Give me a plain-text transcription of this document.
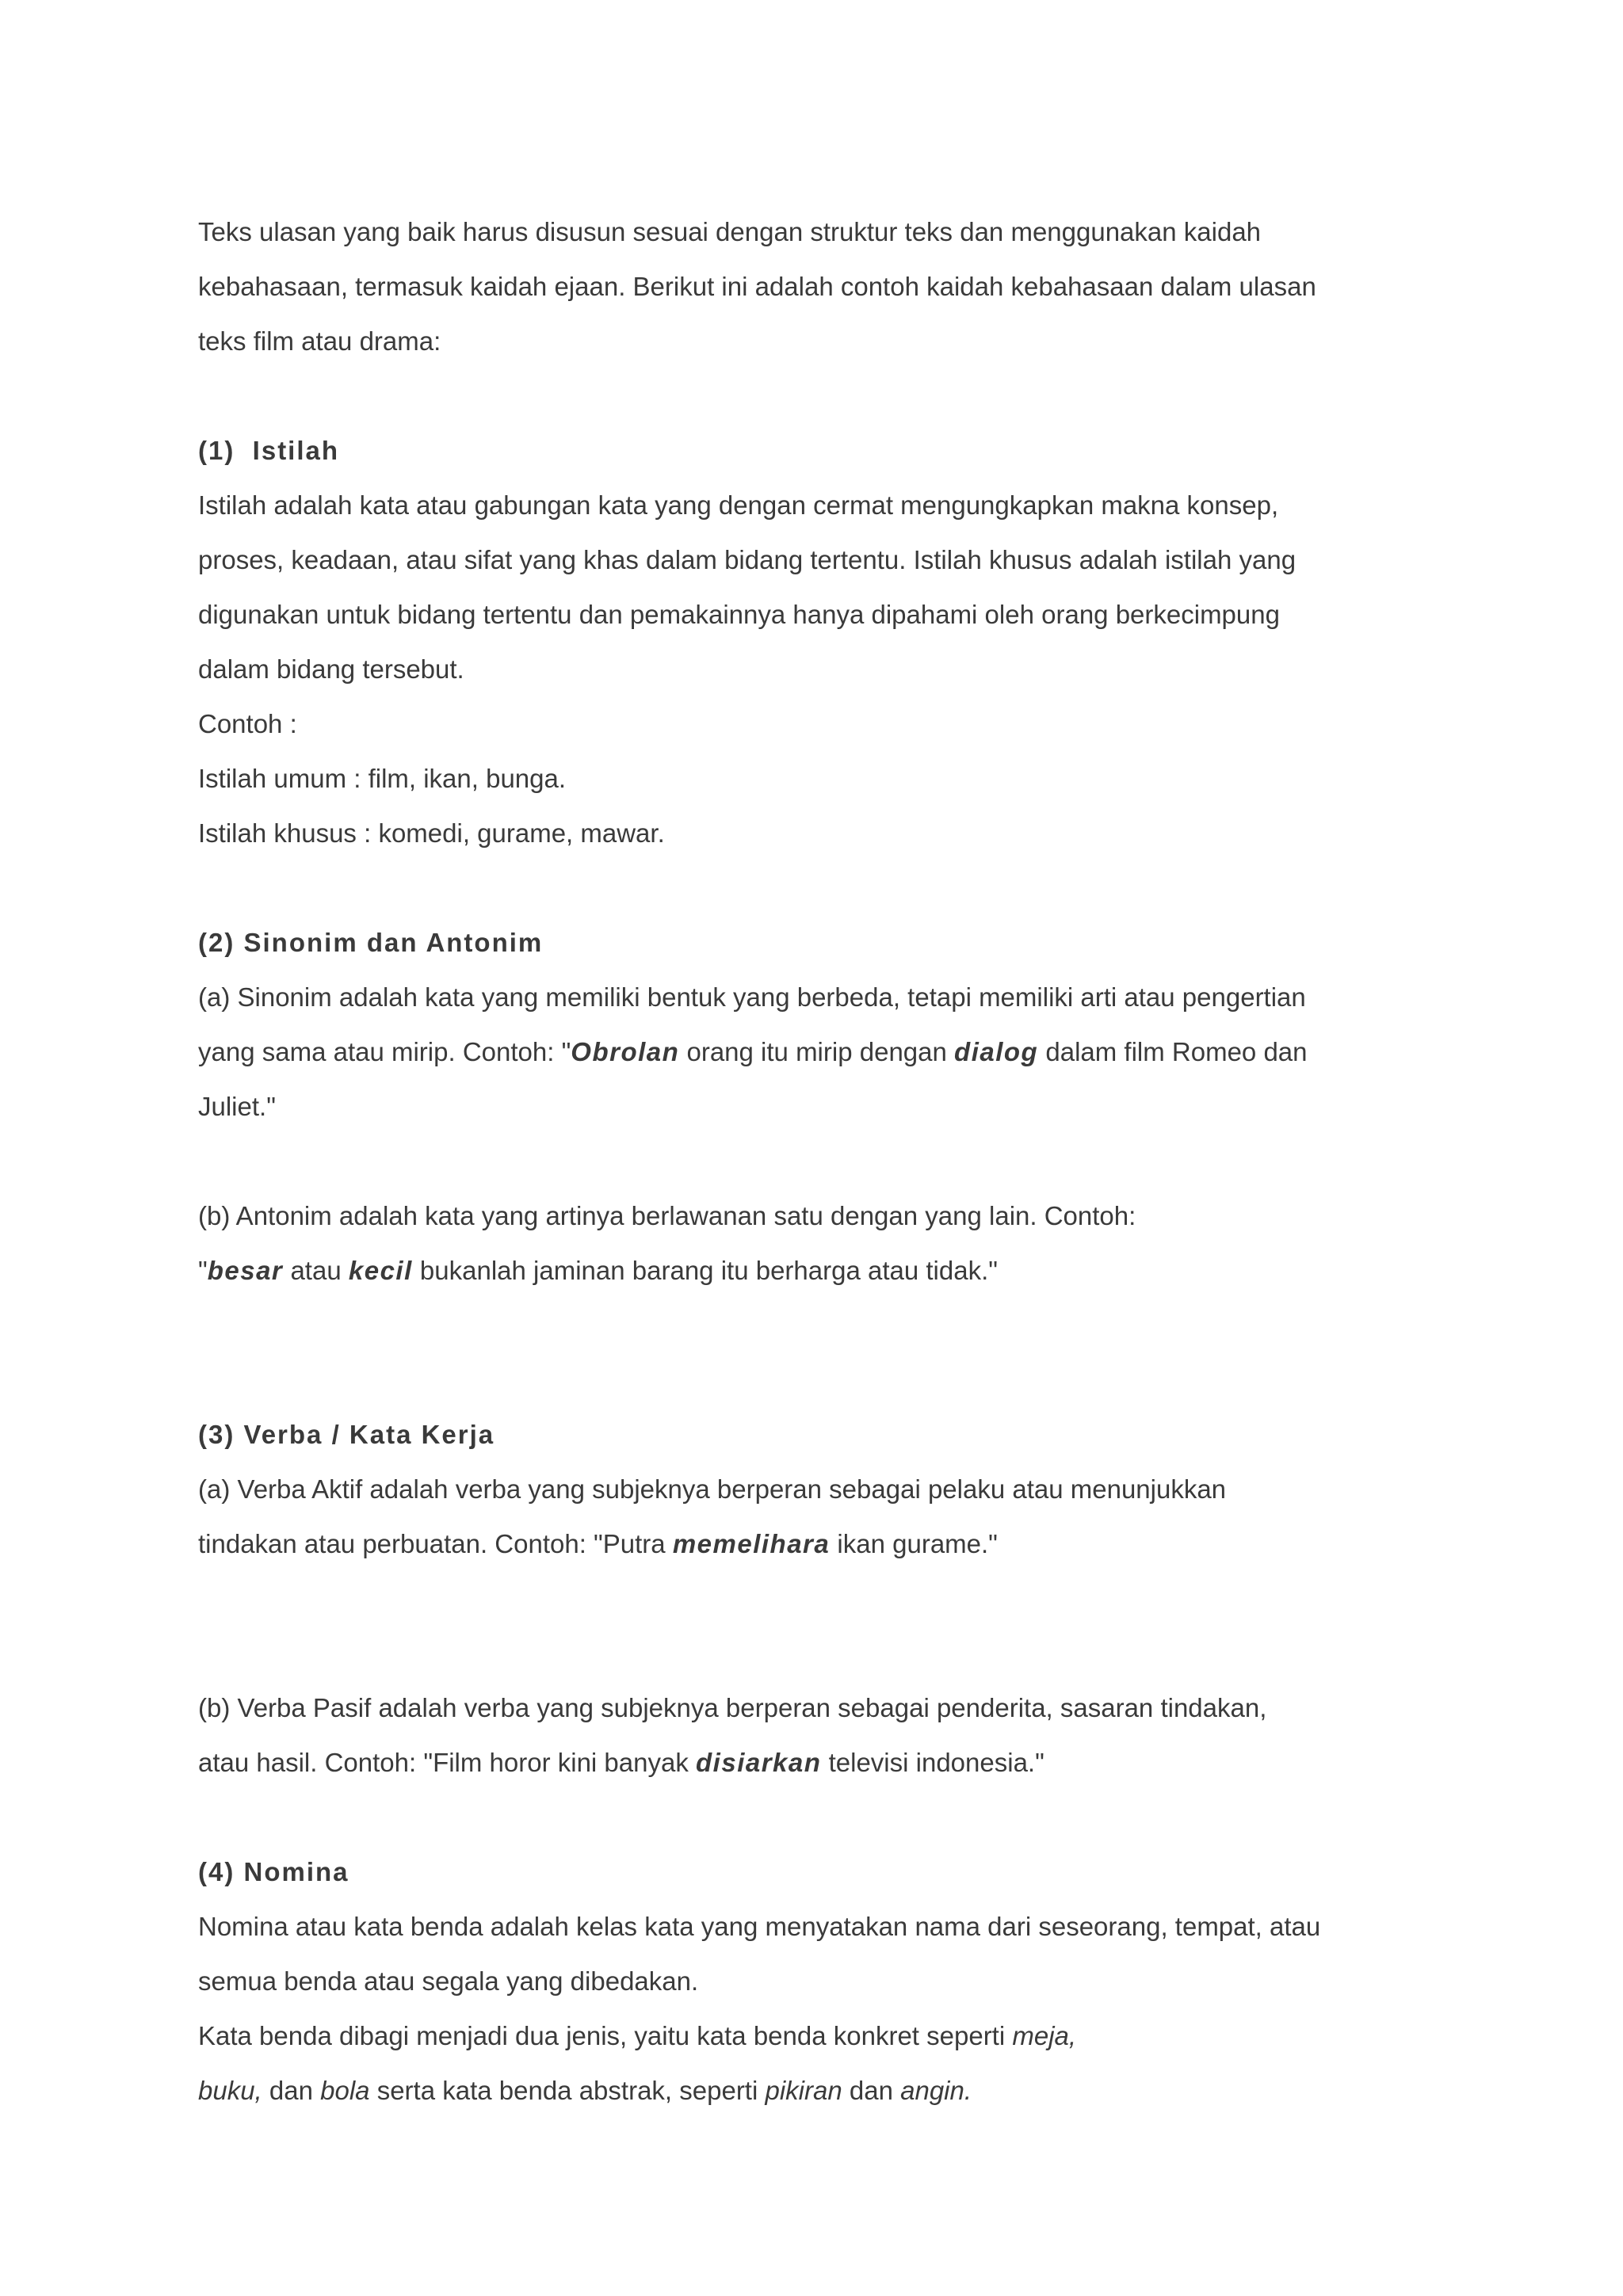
Teks ulasan yang baik harus disusun sesuai dengan struktur teks dan menggunakan kaidah

kebahasaan, termasuk kaidah ejaan. Berikut ini adalah contoh kaidah kebahasaan dalam ulasan

teks film atau drama:

(1)  Istilah

Istilah adalah kata atau gabungan kata yang dengan cermat mengungkapkan makna konsep,

proses, keadaan, atau sifat yang khas dalam bidang tertentu. Istilah khusus adalah istilah yang

digunakan untuk bidang tertentu dan pemakainnya hanya dipahami oleh orang berkecimpung

dalam bidang tersebut.

Contoh :

Istilah umum : film, ikan, bunga.

Istilah khusus : komedi, gurame, mawar.

(2) Sinonim dan Antonim

(a) Sinonim adalah kata yang memiliki bentuk yang berbeda, tetapi memiliki arti atau pengertian

yang sama atau mirip. Contoh: "Obrolan orang itu mirip dengan dialog dalam film Romeo dan

Juliet."

(b) Antonim adalah kata yang artinya berlawanan satu dengan yang lain. Contoh:

"besar atau kecil bukanlah jaminan barang itu berharga atau tidak."

(3) Verba / Kata Kerja

(a) Verba Aktif adalah verba yang subjeknya berperan sebagai pelaku atau menunjukkan

tindakan atau perbuatan. Contoh: "Putra memelihara ikan gurame."

(b) Verba Pasif adalah verba yang subjeknya berperan sebagai penderita, sasaran tindakan,

atau hasil. Contoh: "Film horor kini banyak disiarkan televisi indonesia."

(4) Nomina

Nomina atau kata benda adalah kelas kata yang menyatakan nama dari seseorang, tempat, atau

semua benda atau segala yang dibedakan.

Kata benda dibagi menjadi dua jenis, yaitu kata benda konkret seperti meja,

buku, dan bola serta kata benda abstrak, seperti pikiran dan angin.
